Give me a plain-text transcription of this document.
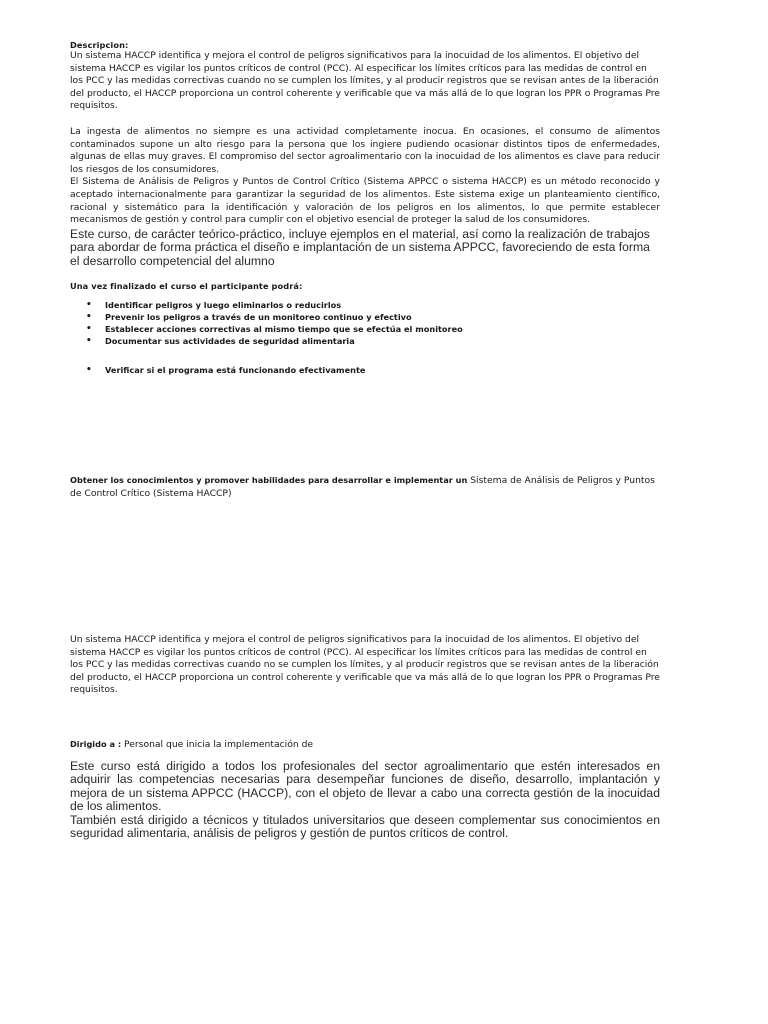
Descripcion:

Un sistema HACCP identifica y mejora el control de peligros significativos para la inocuidad de los alimentos. El objetivo del sistema HACCP es vigilar los puntos críticos de control (PCC). Al especificar los límites críticos para las medidas de control en los PCC y las medidas correctivas cuando no se cumplen los límites, y al producir registros que se revisan antes de la liberación del producto, el HACCP proporciona un control coherente y verificable que va más allá de lo que logran los PPR o Programas Pre requisitos.

La ingesta de alimentos no siempre es una actividad completamente inocua. En ocasiones, el consumo de alimentos contaminados supone un alto riesgo para la persona que los ingiere pudiendo ocasionar distintos tipos de enfermedades, algunas de ellas muy graves. El compromiso del sector agroalimentario con la inocuidad de los alimentos es clave para reducir los riesgos de los consumidores.

El Sistema de Análisis de Peligros y Puntos de Control Crítico (Sistema APPCC o sistema HACCP) es un método reconocido y aceptado internacionalmente para garantizar la seguridad de los alimentos. Este sistema exige un planteamiento científico, racional y sistemático para la identificación y valoración de los peligros en los alimentos, lo que permite establecer mecanismos de gestión y control para cumplir con el objetivo esencial de proteger la salud de los consumidores.

Este curso, de carácter teórico-práctico, incluye ejemplos en el material, así como la realización de trabajos para abordar de forma práctica el diseño e implantación de un sistema APPCC, favoreciendo de esta forma el desarrollo competencial del alumno

Una vez finalizado el curso el participante podrá:

• Identificar peligros y luego eliminarlos o reducirlos
• Prevenir los peligros a través de un monitoreo continuo y efectivo
• Establecer acciones correctivas al mismo tiempo que se efectúa el monitoreo
• Documentar sus actividades de seguridad alimentaria
• Verificar si el programa está funcionando efectivamente

Obtener los conocimientos y promover habilidades para desarrollar e implementar un Sistema de Análisis de Peligros y Puntos de Control Crítico (Sistema HACCP)

Un sistema HACCP identifica y mejora el control de peligros significativos para la inocuidad de los alimentos. El objetivo del sistema HACCP es vigilar los puntos críticos de control (PCC). Al especificar los límites críticos para las medidas de control en los PCC y las medidas correctivas cuando no se cumplen los límites, y al producir registros que se revisan antes de la liberación del producto, el HACCP proporciona un control coherente y verificable que va más allá de lo que logran los PPR o Programas Pre requisitos.

Dirigido a : Personal que inicia la implementación de

Este curso está dirigido a todos los profesionales del sector agroalimentario que estén interesados en adquirir las competencias necesarias para desempeñar funciones de diseño, desarrollo, implantación y mejora de un sistema APPCC (HACCP), con el objeto de llevar a cabo una correcta gestión de la inocuidad de los alimentos.

También está dirigido a técnicos y titulados universitarios que deseen complementar sus conocimientos en seguridad alimentaria, análisis de peligros y gestión de puntos críticos de control.
